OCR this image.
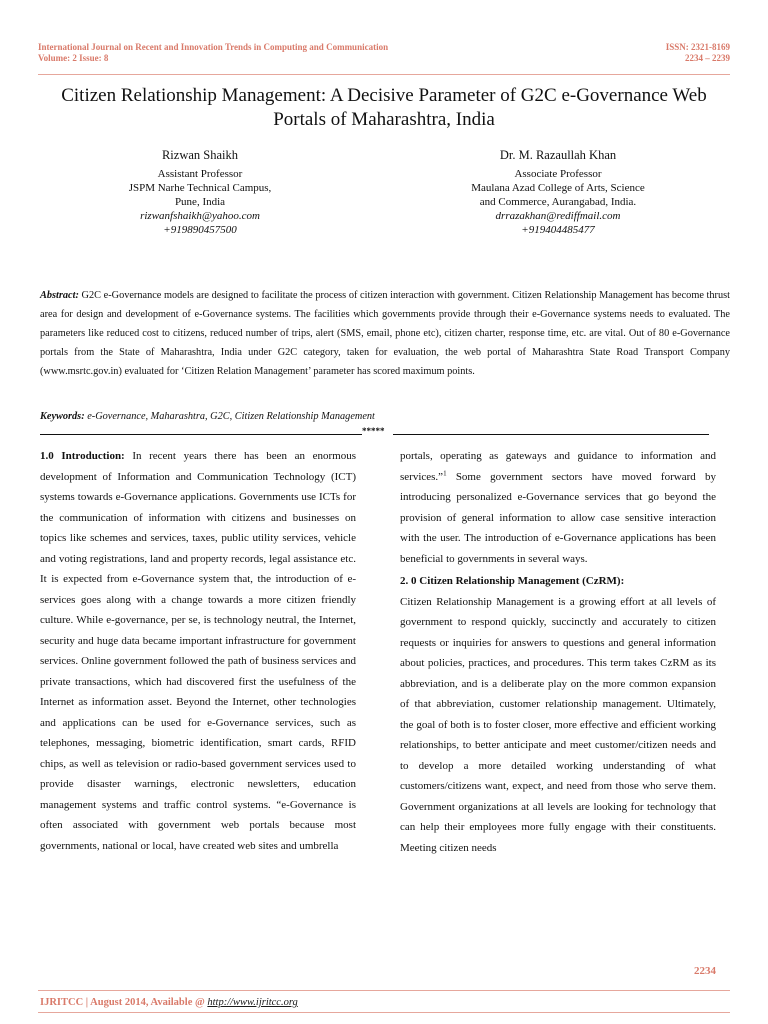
International Journal on Recent and Innovation Trends in Computing and Communication
Volume: 2 Issue: 8
ISSN: 2321-8169
2234 – 2239
Citizen Relationship Management: A Decisive Parameter of G2C e-Governance Web Portals of Maharashtra, India
Rizwan Shaikh
Assistant Professor
JSPM Narhe Technical Campus,
Pune, India
rizwanfshaikh@yahoo.com
+919890457500
Dr. M. Razaullah Khan
Associate Professor
Maulana Azad College of Arts, Science
and Commerce, Aurangabad, India.
drrazakhan@rediffmail.com
+919404485477
Abstract: G2C e-Governance models are designed to facilitate the process of citizen interaction with government. Citizen Relationship Management has become thrust area for design and development of e-Governance systems. The facilities which governments provide through their e-Governance systems needs to evaluated. The parameters like reduced cost to citizens, reduced number of trips, alert (SMS, email, phone etc), citizen charter, response time, etc. are vital. Out of 80 e-Governance portals from the State of Maharashtra, India under G2C category, taken for evaluation, the web portal of Maharashtra State Road Transport Company (www.msrtc.gov.in) evaluated for ‘Citizen Relation Management’ parameter has scored maximum points.
Keywords: e-Governance, Maharashtra, G2C, Citizen Relationship Management
*****

1.0 Introduction: In recent years there has been an enormous development of Information and Communication Technology (ICT) systems towards e-Governance applications. Governments use ICTs for the communication of information with citizens and businesses on topics like schemes and services, taxes, public utility services, vehicle and voting registrations, land and property records, legal assistance etc. It is expected from e-Governance system that, the introduction of e-services goes along with a change towards a more citizen friendly culture. While e-governance, per se, is technology neutral, the Internet, security and huge data became important infrastructure for government services. Online government followed the path of business services and private transactions, which had discovered first the usefulness of the Internet as information asset. Beyond the Internet, other technologies and applications can be used for e-Governance services, such as telephones, messaging, biometric identification, smart cards, RFID chips, as well as television or radio-based government services used to provide disaster warnings, electronic newsletters, education management systems and traffic control systems. “e-Governance is often associated with government web portals because most governments, national or local, have created web sites and umbrella

portals, operating as gateways and guidance to information and services.”$^1$ Some government sectors have moved forward by introducing personalized e-Governance services that go beyond the provision of general information to allow case sensitive interaction with the user. The introduction of e-Governance applications has been beneficial to governments in several ways.

2. 0 Citizen Relationship Management (CzRM):

Citizen Relationship Management is a growing effort at all levels of government to respond quickly, succinctly and accurately to citizen requests or inquiries for answers to questions and general information about policies, practices, and procedures. This term takes CzRM as its abbreviation, and is a deliberate play on the more common expansion of that abbreviation, customer relationship management. Ultimately, the goal of both is to foster closer, more effective and efficient working relationships, to better anticipate and meet customer/citizen needs and to develop a more detailed working understanding of what customers/citizens want, expect, and need from those who serve them. Government organizations at all levels are looking for technology that can help their employees more fully engage with their constituents. Meeting citizen needs

2234
IJRITCC | August 2014, Available @ http://www.ijritcc.org
